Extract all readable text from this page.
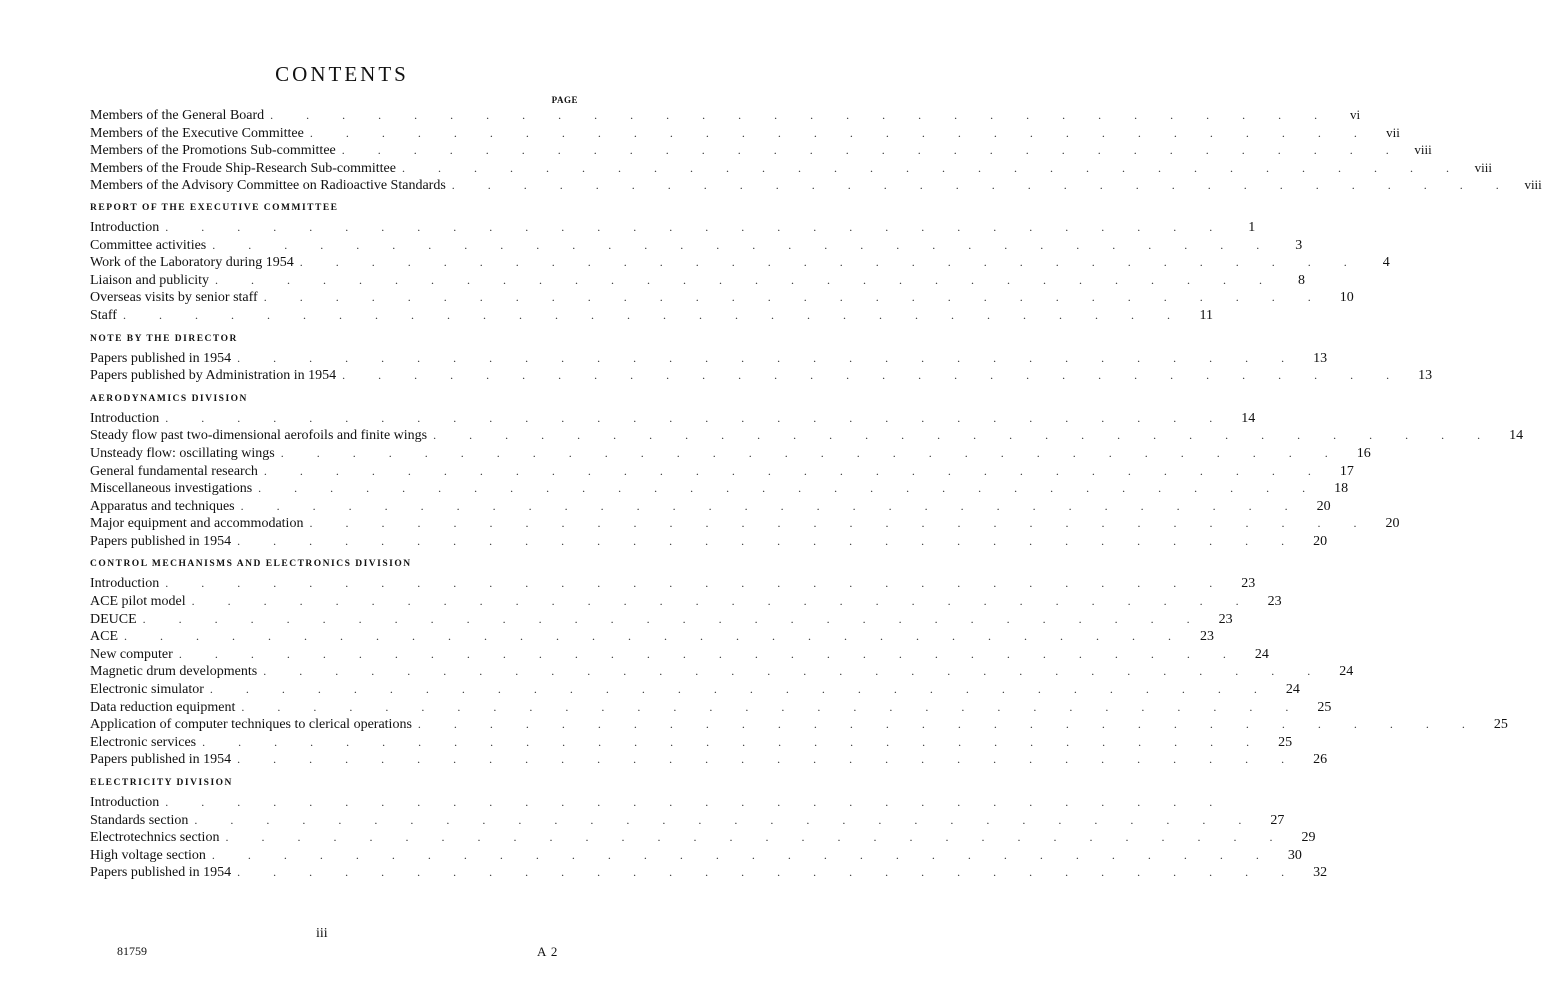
CONTENTS
PAGE
Members of the General Board . . . . . . . . . . . . . . . . . . . . . . . . . . . . . .	vi
Members of the Executive Committee . . . . . . . . . . . . . . . . . . . . . . . . . . . . . .	vii
Members of the Promotions Sub-committee . . . . . . . . . . . . . . . . . . . . . . . . . . . . . . viii
Members of the Froude Ship-Research Sub-committee . . . . . . . . . . . . . . . . . . . . . . . . . . . . . . viii
Members of the Advisory Committee on Radioactive Standards . . . . . . . . . . . . . . . . . . . . . . . . . . . . . . viii
REPORT OF THE EXECUTIVE COMMITTEE
Introduction . . . . . . . . . . . . . . . . . . . . . . . . . . . . . .	1
Committee activities . . . . . . . . . . . . . . . . . . . . . . . . . . . . . .	3
Work of the Laboratory during 1954 . . . . . . . . . . . . . . . . . . . . . . . . . . . . . .	4
Liaison and publicity . . . . . . . . . . . . . . . . . . . . . . . . . . . . . .	8
Overseas visits by senior staff . . . . . . . . . . . . . . . . . . . . . . . . . . . . . .	10
Staff . . . . . . . . . . . . . . . . . . . . . . . . . . . . . .	11
NOTE BY THE DIRECTOR
Papers published in 1954 . . . . . . . . . . . . . . . . . . . . . . . . . . . . . .	13
Papers published by Administration in 1954 . . . . . . . . . . . . . . . . . . . . . . . . . . . . . .	13
AERODYNAMICS DIVISION
Introduction . . . . . . . . . . . . . . . . . . . . . . . . . . . . . .	14
Steady flow past two-dimensional aerofoils and finite wings . . . . . . . . . . . . . . . . . . . . . . . . . . . . . .	14
Unsteady flow: oscillating wings . . . . . . . . . . . . . . . . . . . . . . . . . . . . . .	16
General fundamental research . . . . . . . . . . . . . . . . . . . . . . . . . . . . . .	17
Miscellaneous investigations . . . . . . . . . . . . . . . . . . . . . . . . . . . . . .	18
Apparatus and techniques . . . . . . . . . . . . . . . . . . . . . . . . . . . . . .	20
Major equipment and accommodation . . . . . . . . . . . . . . . . . . . . . . . . . . . . . .	20
Papers published in 1954 . . . . . . . . . . . . . . . . . . . . . . . . . . . . . .	20
CONTROL MECHANISMS AND ELECTRONICS DIVISION
Introduction . . . . . . . . . . . . . . . . . . . . . . . . . . . . . .	23
ACE pilot model . . . . . . . . . . . . . . . . . . . . . . . . . . . . . .	23
DEUCE . . . . . . . . . . . . . . . . . . . . . . . . . . . . . .	23
ACE . . . . . . . . . . . . . . . . . . . . . . . . . . . . . .	23
New computer . . . . . . . . . . . . . . . . . . . . . . . . . . . . . .	24
Magnetic drum developments . . . . . . . . . . . . . . . . . . . . . . . . . . . . . .	24
Electronic simulator . . . . . . . . . . . . . . . . . . . . . . . . . . . . . .	24
Data reduction equipment . . . . . . . . . . . . . . . . . . . . . . . . . . . . . .	25
Application of computer techniques to clerical operations . . . . . . . . . . . . . . . . . . . . . . . . . . . . . .	25
Electronic services . . . . . . . . . . . . . . . . . . . . . . . . . . . . . .	25
Papers published in 1954 . . . . . . . . . . . . . . . . . . . . . . . . . . . . . .	26
ELECTRICITY DIVISION
Introduction . . . . . . . . . . . . . . . . . . . . . . . . . . . . . .
Standards section . . . . . . . . . . . . . . . . . . . . . . . . . . . . . .	27
Electrotechnics section . . . . . . . . . . . . . . . . . . . . . . . . . . . . . .	29
High voltage section . . . . . . . . . . . . . . . . . . . . . . . . . . . . . .	30
Papers published in 1954 . . . . . . . . . . . . . . . . . . . . . . . . . . . . . .	32
81759
iii
A 2
